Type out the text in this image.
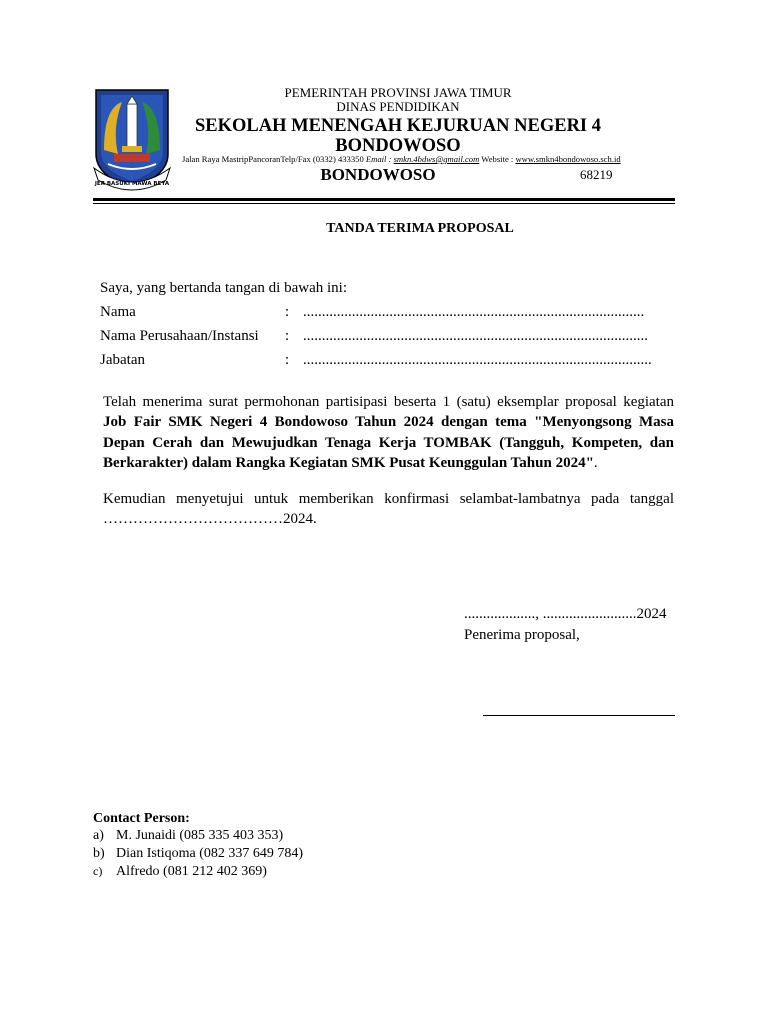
JER BASUKI MAWA BEYA
PEMERINTAH PROVINSI JAWA TIMUR
DINAS PENDIDIKAN
SEKOLAH MENENGAH KEJURUAN NEGERI 4
BONDOWOSO
Jalan Raya MastripPancoranTelp/Fax (0332) 433350 Email : smkn.4bdws@gmail.com Website : www.smkn4bondowoso.sch.id
BONDOWOSO	68219
TANDA TERIMA PROPOSAL
Saya, yang bertanda tangan di bawah ini:
Nama	: ...........................................................................................
Nama Perusahaan/Instansi : ............................................................................................
Jabatan	: .............................................................................................
Telah menerima surat permohonan partisipasi beserta 1 (satu) eksemplar proposal kegiatan Job Fair SMK Negeri 4 Bondowoso Tahun 2024 dengan tema "Menyongsong Masa Depan Cerah dan Mewujudkan Tenaga Kerja TOMBAK (Tangguh, Kompeten, dan Berkarakter) dalam Rangka Kegiatan SMK Pusat Keunggulan Tahun 2024".
Kemudian menyetujui untuk memberikan konfirmasi selambat-lambatnya pada tanggal ………………………………2024.
..................., .........................2024
Penerima proposal,
Contact Person:
a) M. Junaidi (085 335 403 353)
b) Dian Istiqoma (082 337 649 784)
c) Alfredo (081 212 402 369)
